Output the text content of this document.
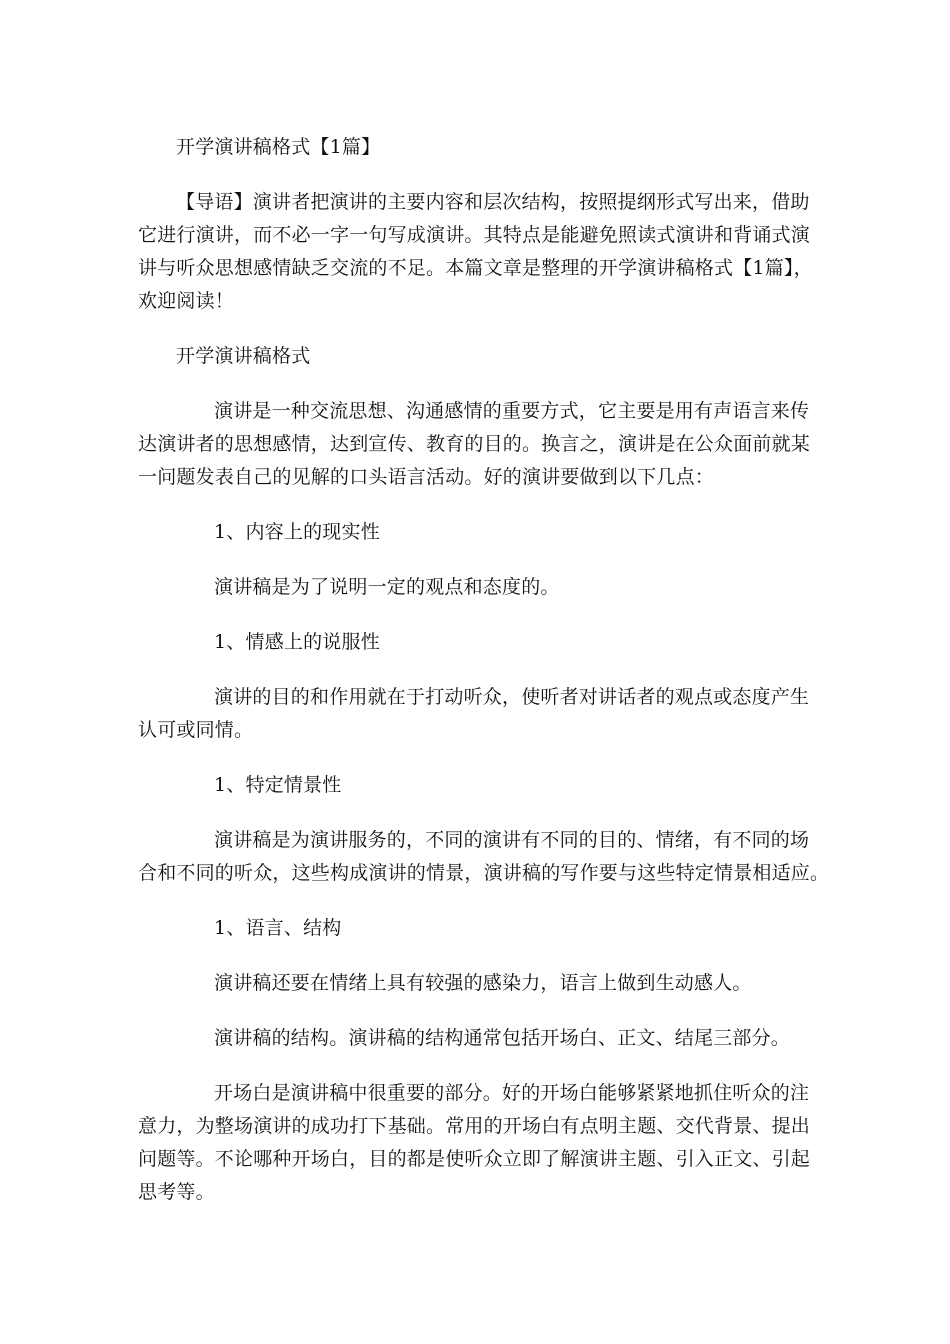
开学演讲稿格式【1篇】
【导语】演讲者把演讲的主要内容和层次结构，按照提纲形式写出来，借助
它进行演讲，而不必一字一句写成演讲。其特点是能避免照读式演讲和背诵式演
讲与听众思想感情缺乏交流的不足。本篇文章是整理的开学演讲稿格式【1篇】，
欢迎阅读！
开学演讲稿格式
演讲是一种交流思想、沟通感情的重要方式，它主要是用有声语言来传
达演讲者的思想感情，达到宣传、教育的目的。换言之，演讲是在公众面前就某
一问题发表自己的见解的口头语言活动。好的演讲要做到以下几点：
1、内容上的现实性
演讲稿是为了说明一定的观点和态度的。
1、情感上的说服性
演讲的目的和作用就在于打动听众，使听者对讲话者的观点或态度产生
认可或同情。
1、特定情景性
演讲稿是为演讲服务的，不同的演讲有不同的目的、情绪，有不同的场
合和不同的听众，这些构成演讲的情景，演讲稿的写作要与这些特定情景相适应。
1、语言、结构
演讲稿还要在情绪上具有较强的感染力，语言上做到生动感人。
演讲稿的结构。演讲稿的结构通常包括开场白、正文、结尾三部分。
开场白是演讲稿中很重要的部分。好的开场白能够紧紧地抓住听众的注
意力，为整场演讲的成功打下基础。常用的开场白有点明主题、交代背景、提出
问题等。不论哪种开场白，目的都是使听众立即了解演讲主题、引入正文、引起
思考等。
